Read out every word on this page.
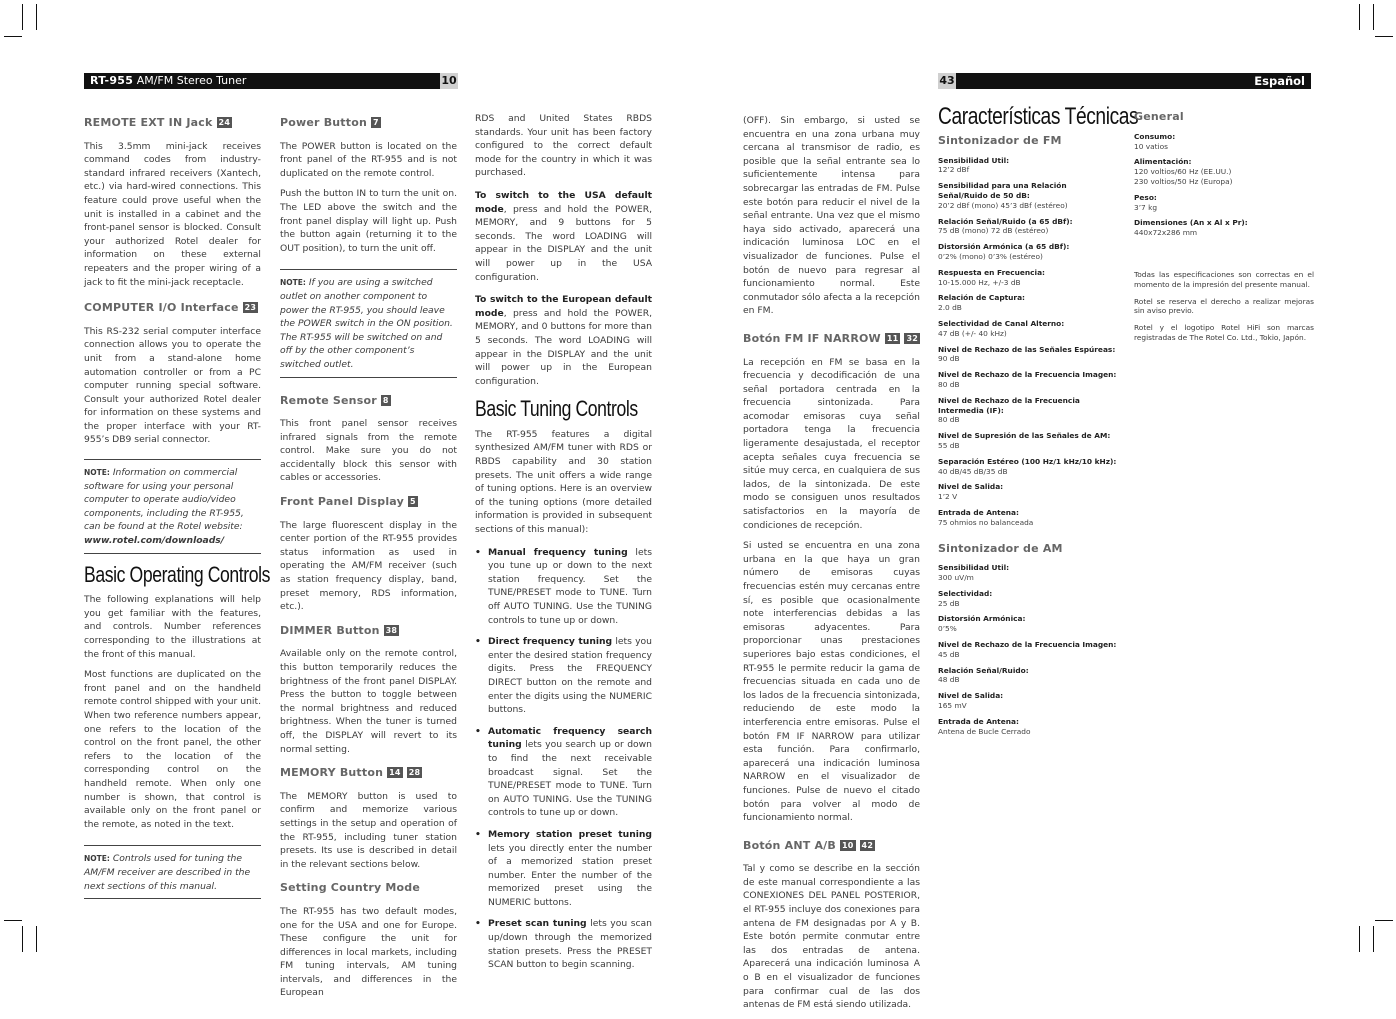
RT-955 AM/FM Stereo Tuner	10
REMOTE EXT IN Jack 24

This 3.5mm mini-jack receives command codes from industry-standard infrared receivers (Xantech, etc.) via hard-wired connections. This feature could prove useful when the unit is installed in a cabinet and the front-panel sensor is blocked. Consult your authorized Rotel dealer for information on these external repeaters and the proper wiring of a jack to fit the mini-jack receptacle.

COMPUTER I/O Interface 23

This RS-232 serial computer interface connection allows you to operate the unit from a stand-alone home automation controller or from a PC computer running special software. Consult your authorized Rotel dealer for information on these systems and the proper interface with your RT-955’s DB9 serial connector.

NOTE: Information on commercial software for using your personal computer to operate audio/video components, including the RT-955, can be found at the Rotel website: www.rotel.com/downloads/
Basic Operating Controls

The following explanations will help you get familiar with the features, and controls. Number references corresponding to the illustrations at the front of this manual.

Most functions are duplicated on the front panel and on the handheld remote control shipped with your unit. When two reference numbers appear, one refers to the location of the control on the front panel, the other refers to the location of the corresponding control on the handheld remote. When only one number is shown, that control is available only on the front panel or the remote, as noted in the text.

NOTE: Controls used for tuning the AM/FM receiver are described in the next sections of this manual.
Power Button 7

The POWER button is located on the front panel of the RT-955 and is not duplicated on the remote control.

Push the button IN to turn the unit on. The LED above the switch and the front panel display will light up. Push the button again (returning it to the OUT position), to turn the unit off.

NOTE: If you are using a switched outlet on another component to power the RT-955, you should leave the POWER switch in the ON position. The RT-955 will be switched on and off by the other component’s switched outlet.
Remote Sensor 8

This front panel sensor receives infrared signals from the remote control. Make sure you do not accidentally block this sensor with cables or accessories.

Front Panel Display 5

The large fluorescent display in the center portion of the RT-955 provides status information as used in operating the AM/FM receiver (such as station frequency display, band, preset memory, RDS information, etc.).

DIMMER Button 38

Available only on the remote control, this button temporarily reduces the brightness of the front panel DISPLAY. Press the button to toggle between the normal brightness and reduced brightness. When the tuner is turned off, the DISPLAY will revert to its normal setting.

MEMORY Button 14 28

The MEMORY button is used to confirm and memorize various settings in the setup and operation of the RT-955, including tuner station presets. Its use is described in detail in the relevant sections below.

Setting Country Mode

The RT-955 has two default modes, one for the USA and one for Europe. These configure the unit for differences in local markets, including FM tuning intervals, AM tuning intervals, and differences in the European

RDS and United States RBDS standards. Your unit has been factory configured to the correct default mode for the country in which it was purchased.

To switch to the USA default mode, press and hold the POWER, MEMORY, and 9 buttons for 5 seconds. The word LOADING will appear in the DISPLAY and the unit will power up in the USA configuration.

To switch to the European default mode, press and hold the POWER, MEMORY, and 0 buttons for more than 5 seconds. The word LOADING will appear in the DISPLAY and the unit will power up in the European configuration.

Basic Tuning Controls

The RT-955 features a digital synthesized AM/FM tuner with RDS or RBDS capability and 30 station presets. The unit offers a wide range of tuning options. Here is an overview of the tuning options (more detailed information is provided in subsequent sections of this manual):

• Manual frequency tuning lets you tune up or down to the next station frequency. Set the TUNE/PRESET mode to TUNE. Turn off AUTO TUNING. Use the TUNING controls to tune up or down.
• Direct frequency tuning lets you enter the desired station frequency digits. Press the FREQUENCY DIRECT button on the remote and enter the digits using the NUMERIC buttons.
• Automatic frequency search tuning lets you search up or down to find the next receivable broadcast signal. Set the TUNE/PRESET mode to TUNE. Turn on AUTO TUNING. Use the TUNING controls to tune up or down.
• Memory station preset tuning lets you directly enter the number of a memorized station preset number. Enter the number of the memorized preset using the NUMERIC buttons.
• Preset scan tuning lets you scan up/down through the memorized station presets. Press the PRESET SCAN button to begin scanning.
43	Español

(OFF). Sin embargo, si usted se encuentra en una zona urbana muy cercana al transmisor de radio, es posible que la señal entrante sea lo suficientemente intensa para sobrecargar las entradas de FM. Pulse este botón para reducir el nivel de la señal entrante. Una vez que el mismo haya sido activado, aparecerá una indicación luminosa LOC en el visualizador de funciones. Pulse el botón de nuevo para regresar al funcionamiento normal. Este conmutador sólo afecta a la recepción en FM.

Botón FM IF NARROW 11 32

La recepción en FM se basa en la frecuencia y decodificación de una señal portadora centrada en la frecuencia sintonizada. Para acomodar emisoras cuya señal portadora tenga la frecuencia ligeramente desajustada, el receptor acepta señales cuya frecuencia se sitúe muy cerca, en cualquiera de sus lados, de la sintonizada. De este modo se consiguen unos resultados satisfactorios en la mayoría de condiciones de recepción.

Si usted se encuentra en una zona urbana en la que haya un gran número de emisoras cuyas frecuencias estén muy cercanas entre sí, es posible que ocasionalmente note interferencias debidas a las emisoras adyacentes. Para proporcionar unas prestaciones superiores bajo estas condiciones, el RT-955 le permite reducir la gama de frecuencias situada en cada uno de los lados de la frecuencia sintonizada, reduciendo de este modo la interferencia entre emisoras. Pulse el botón FM IF NARROW para utilizar esta función. Para confirmarlo, aparecerá una indicación luminosa NARROW en el visualizador de funciones. Pulse de nuevo el citado botón para volver al modo de funcionamiento normal.

Botón ANT A/B 10 42

Tal y como se describe en la sección de este manual correspondiente a las CONEXIONES DEL PANEL POSTERIOR, el RT-955 incluye dos conexiones para antena de FM designadas por A y B. Este botón permite conmutar entre las dos entradas de antena. Aparecerá una indicación luminosa A o B en el visualizador de funciones para confirmar cual de las dos antenas de FM está siendo utilizada.

Características Técnicas
Sintonizador de FM
Sensibilidad Util:
12’2 dBf
Sensibilidad para una Relación Señal/Ruido de 50 dB:
20’2 dBf (mono) 45’3 dBf (estéreo)
Relación Señal/Ruido (a 65 dBf):
75 dB (mono) 72 dB (estéreo)
Distorsión Armónica (a 65 dBf):
0’2% (mono) 0’3% (estéreo)
Respuesta en Frecuencia:
10-15.000 Hz, +/-3 dB
Relación de Captura:
2.0 dB
Selectividad de Canal Alterno:
47 dB (+/- 40 kHz)
Nivel de Rechazo de las Señales Espúreas:
90 dB
Nivel de Rechazo de la Frecuencia Imagen:
80 dB
Nivel de Rechazo de la Frecuencia Intermedia (IF):
80 dB
Nivel de Supresión de las Señales de AM:
55 dB
Separación Estéreo (100 Hz/1 kHz/10 kHz):
40 dB/45 dB/35 dB
Nivel de Salida:
1’2 V
Entrada de Antena:
75 ohmios no balanceada
Sintonizador de AM
Sensibilidad Util:
300 uV/m
Selectividad:
25 dB
Distorsión Armónica:
0’5%
Nivel de Rechazo de la Frecuencia Imagen:
45 dB
Relación Señal/Ruido:
48 dB
Nivel de Salida:
165 mV
Entrada de Antena:
Antena de Bucle Cerrado
General
Consumo:
10 vatios
Alimentación:
120 voltios/60 Hz (EE.UU.) 230 voltios/50 Hz (Europa)
Peso:
3’7 kg
Dimensiones (An x Al x Pr):
440x72x286 mm

Todas las especificaciones son correctas en el momento de la impresión del presente manual.

Rotel se reserva el derecho a realizar mejoras sin aviso previo.

Rotel y el logotipo Rotel HiFi son marcas registradas de The Rotel Co. Ltd., Tokio, Japón.
